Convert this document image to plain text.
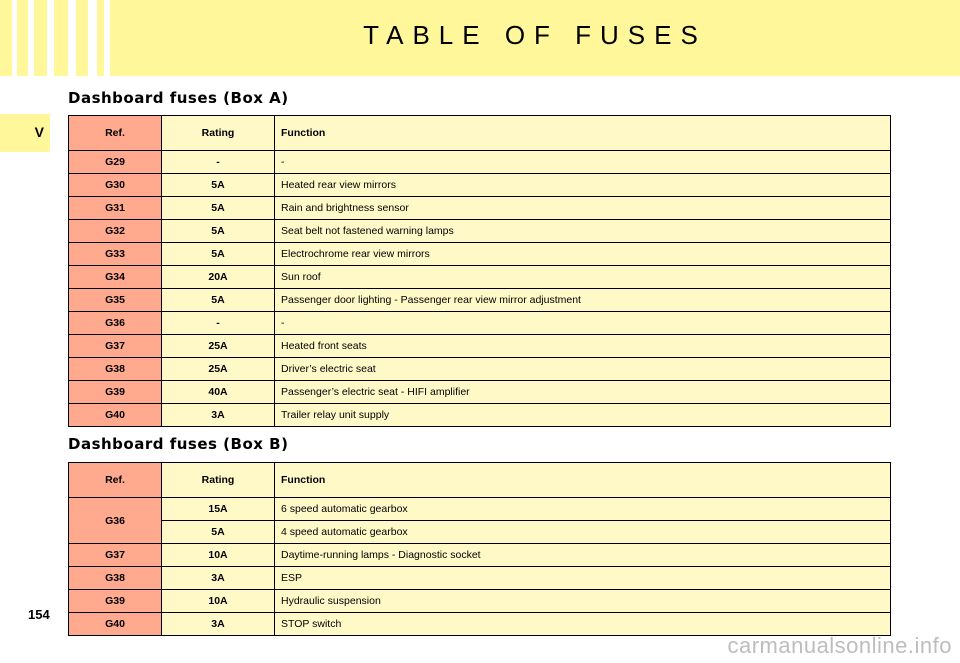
TABLE OF FUSES
V
Dashboard fuses (Box A)
Ref.	Rating	Function
G29	-	-
G30	5A	Heated rear view mirrors
G31	5A	Rain and brightness sensor
G32	5A	Seat belt not fastened warning lamps
G33	5A	Electrochrome rear view mirrors
G34	20A	Sun roof
G35	5A	Passenger door lighting - Passenger rear view mirror adjustment
G36	-	-
G37	25A	Heated front seats
G38	25A	Driver’s electric seat
G39	40A	Passenger’s electric seat - HIFI amplifier
G40	3A	Trailer relay unit supply
Dashboard fuses (Box B)
Ref.	Rating	Function
G36	15A	6 speed automatic gearbox
	5A	4 speed automatic gearbox
G37	10A	Daytime-running lamps - Diagnostic socket
G38	3A	ESP
G39	10A	Hydraulic suspension
G40	3A	STOP switch
154
carmanualsonline.info
